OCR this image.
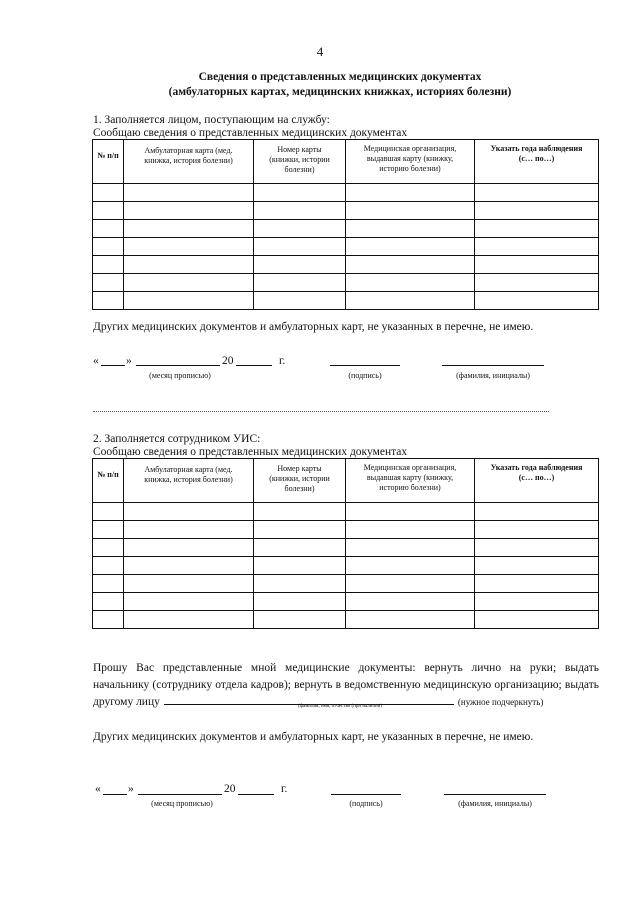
4
Сведения о представленных медицинских документах
(амбулаторных картах, медицинских книжках, историях болезни)
1. Заполняется лицом, поступающим на службу:
Сообщаю сведения о представленных медицинских документах
№ п/п	Амбулаторная карта (мед. книжка, история болезни)	Номер карты (книжки, истории болезни)	Медицинская организация, выдавшая карту (книжку, историю болезни)	Указать года наблюдения (с… по…)

Других медицинских документов и амбулаторных карт, не указанных в перечне, не имею.
« »	20	г.
(месяц прописью)	(подпись)	(фамилия, инициалы)
2. Заполняется сотрудником УИС:
Сообщаю сведения о представленных медицинских документах
№ п/п	Амбулаторная карта (мед. книжка, история болезни)	Номер карты (книжки, истории болезни)	Медицинская организация, выдавшая карту (книжку, историю болезни)	Указать года наблюдения (с… по…)

Прошу Вас представленные мной медицинские документы: вернуть лично на руки; выдать начальнику (сотруднику отдела кадров); вернуть в ведомственную медицинскую организацию; выдать другому лицу	(нужное подчеркнуть)
(фамилия, имя, отчество (при наличии)
Других медицинских документов и амбулаторных карт, не указанных в перечне, не имею.
« »	20	г.
(месяц прописью)	(подпись)	(фамилия, инициалы)
